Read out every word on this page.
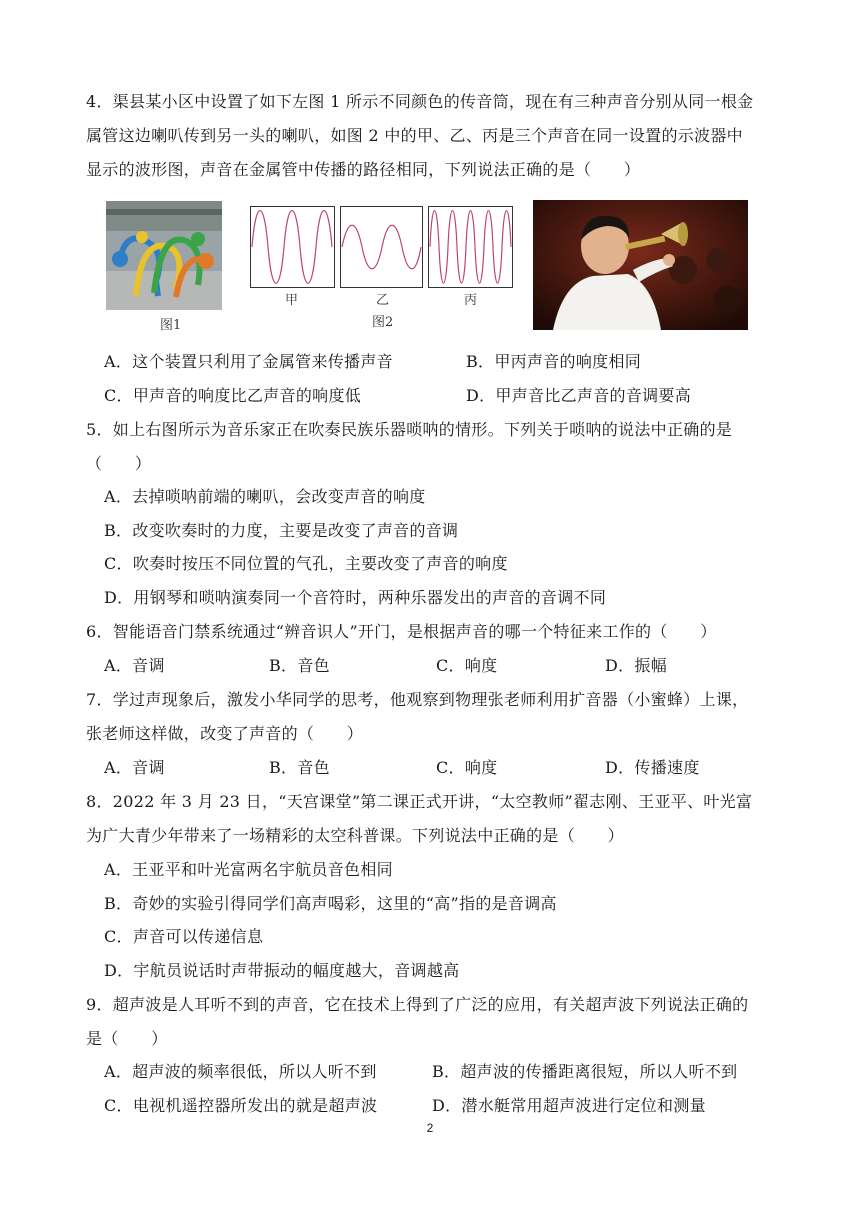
4．渠县某小区中设置了如下左图 1 所示不同颜色的传音筒，现在有三种声音分别从同一根金
属管这边喇叭传到另一头的喇叭，如图 2 中的甲、乙、丙是三个声音在同一设置的示波器中
显示的波形图，声音在金属管中传播的路径相同，下列说法正确的是（　　）
图1
甲	乙	丙
图2
A．这个装置只利用了金属管来传播声音	B．甲丙声音的响度相同
C．甲声音的响度比乙声音的响度低	D．甲声音比乙声音的音调要高
5．如上右图所示为音乐家正在吹奏民族乐器唢呐的情形。下列关于唢呐的说法中正确的是
（　　）
A．去掉唢呐前端的喇叭，会改变声音的响度
B．改变吹奏时的力度，主要是改变了声音的音调
C．吹奏时按压不同位置的气孔，主要改变了声音的响度
D．用钢琴和唢呐演奏同一个音符时，两种乐器发出的声音的音调不同
6．智能语音门禁系统通过“辨音识人”开门，是根据声音的哪一个特征来工作的（　　）
A．音调	B．音色	C．响度	D．振幅
7．学过声现象后，激发小华同学的思考，他观察到物理张老师利用扩音器（小蜜蜂）上课，
张老师这样做，改变了声音的（　　）
A．音调	B．音色	C．响度	D．传播速度
8．2022 年 3 月 23 日，“天宫课堂”第二课正式开讲，“太空教师”翟志刚、王亚平、叶光富
为广大青少年带来了一场精彩的太空科普课。下列说法中正确的是（　　）
A．王亚平和叶光富两名宇航员音色相同
B．奇妙的实验引得同学们高声喝彩，这里的“高”指的是音调高
C．声音可以传递信息
D．宇航员说话时声带振动的幅度越大，音调越高
9．超声波是人耳听不到的声音，它在技术上得到了广泛的应用，有关超声波下列说法正确的
是（　　）
A．超声波的频率很低，所以人听不到	B．超声波的传播距离很短，所以人听不到
C．电视机遥控器所发出的就是超声波	D．潜水艇常用超声波进行定位和测量
2
